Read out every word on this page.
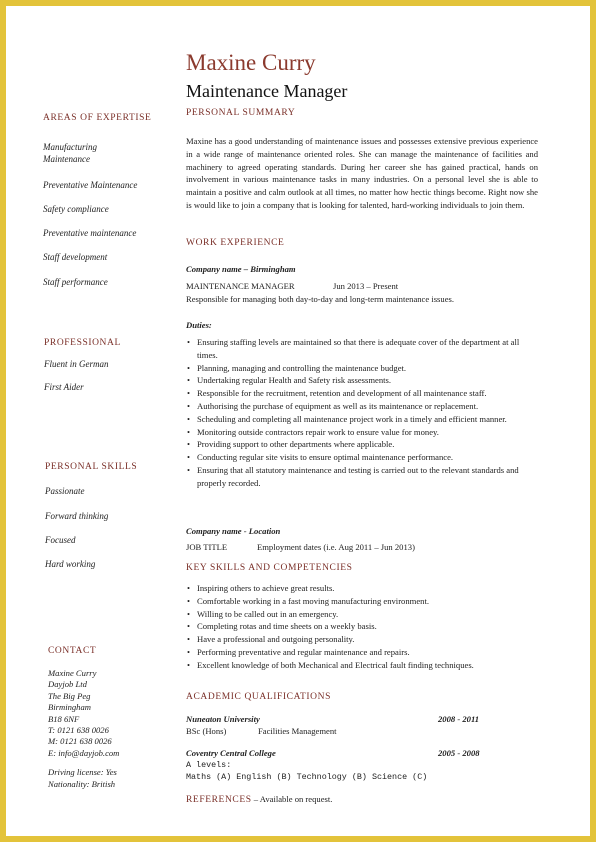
Maxine Curry
Maintenance Manager
AREAS OF EXPERTISE
Manufacturing Maintenance
Preventative Maintenance
Safety compliance
Preventative maintenance
Staff development
Staff performance
PROFESSIONAL
Fluent in German
First Aider
PERSONAL SKILLS
Passionate
Forward thinking
Focused
Hard working
CONTACT
Maxine Curry
Dayjob Ltd
The Big Peg
Birmingham
B18 6NF
T: 0121 638 0026
M: 0121 638 0026
E: info@dayjob.com
Driving license: Yes
Nationality: British
PERSONAL SUMMARY
Maxine has a good understanding of maintenance issues and possesses extensive previous experience in a wide range of maintenance oriented roles. She can manage the maintenance of facilities and machinery to agreed operating standards. During her career she has gained practical, hands on involvement in various maintenance tasks in many industries. On a personal level she is able to maintain a positive and calm outlook at all times, no matter how hectic things become. Right now she is would like to join a company that is looking for talented, hard-working individuals to join them.
WORK EXPERIENCE
Company name – Birmingham
MAINTENANCE MANAGER	Jun 2013 – Present
Responsible for managing both day-to-day and long-term maintenance issues.
Duties:
• Ensuring staffing levels are maintained so that there is adequate cover of the department at all times.
• Planning, managing and controlling the maintenance budget.
• Undertaking regular Health and Safety risk assessments.
• Responsible for the recruitment, retention and development of all maintenance staff.
• Authorising the purchase of equipment as well as its maintenance or replacement.
• Scheduling and completing all maintenance project work in a timely and efficient manner.
• Monitoring outside contractors repair work to ensure value for money.
• Providing support to other departments where applicable.
• Conducting regular site visits to ensure optimal maintenance performance.
• Ensuring that all statutory maintenance and testing is carried out to the relevant standards and properly recorded.
Company name - Location
JOB TITLE	Employment dates (i.e. Aug 2011 – Jun 2013)
KEY SKILLS AND COMPETENCIES
• Inspiring others to achieve great results.
• Comfortable working in a fast moving manufacturing environment.
• Willing to be called out in an emergency.
• Completing rotas and time sheets on a weekly basis.
• Have a professional and outgoing personality.
• Performing preventative and regular maintenance and repairs.
• Excellent knowledge of both Mechanical and Electrical fault finding techniques.
ACADEMIC QUALIFICATIONS
Nuneaton University	2008 - 2011
BSc (Hons)	Facilities Management
Coventry Central College	2005 - 2008
A levels:
Maths (A) English (B) Technology (B) Science (C)
REFERENCES – Available on request.
